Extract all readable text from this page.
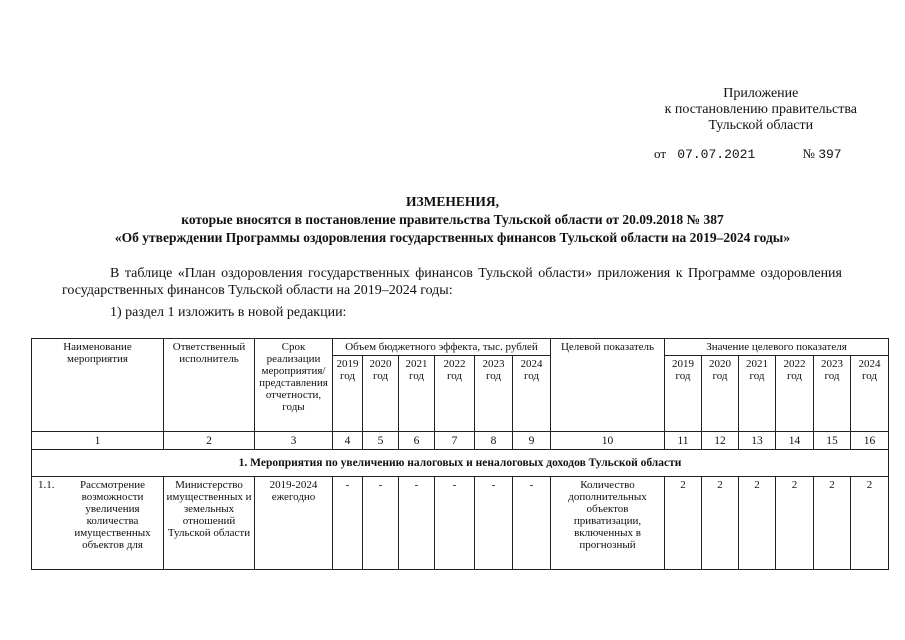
Приложение
к постановлению правительства
Тульской области
от 07.07.2021	№ 397
ИЗМЕНЕНИЯ,
которые вносятся в постановление правительства Тульской области от 20.09.2018 № 387
«Об утверждении Программы оздоровления государственных финансов Тульской области на 2019–2024 годы»
В таблице «План оздоровления государственных финансов Тульской области» приложения к Программе оздоровления государственных финансов Тульской области на 2019–2024 годы:
1) раздел 1 изложить в новой редакции:
Наименование мероприятия	Ответственный исполнитель	Срок реализации мероприятия/ представления отчетности, годы	Объем бюджетного эффекта, тыс. рублей						Целевой показатель	Значение целевого показателя					
			2019 год	2020 год	2021 год	2022 год	2023 год	2024 год		2019 год	2020 год	2021 год	2022 год	2023 год	2024 год
1	2	3	4	5	6	7	8	9	10	11	12	13	14	15	16
1. Мероприятия по увеличению налоговых и неналоговых доходов Тульской области															

1.1. Рассмотрение возможности увеличения количества имущественных объектов для	Министерство имущественных и земельных отношений Тульской области	2019-2024 ежегодно	-	-	-	-	-	-	Количество дополнительных объектов приватизации, включенных в прогнозный	2	2	2	2	2	2
